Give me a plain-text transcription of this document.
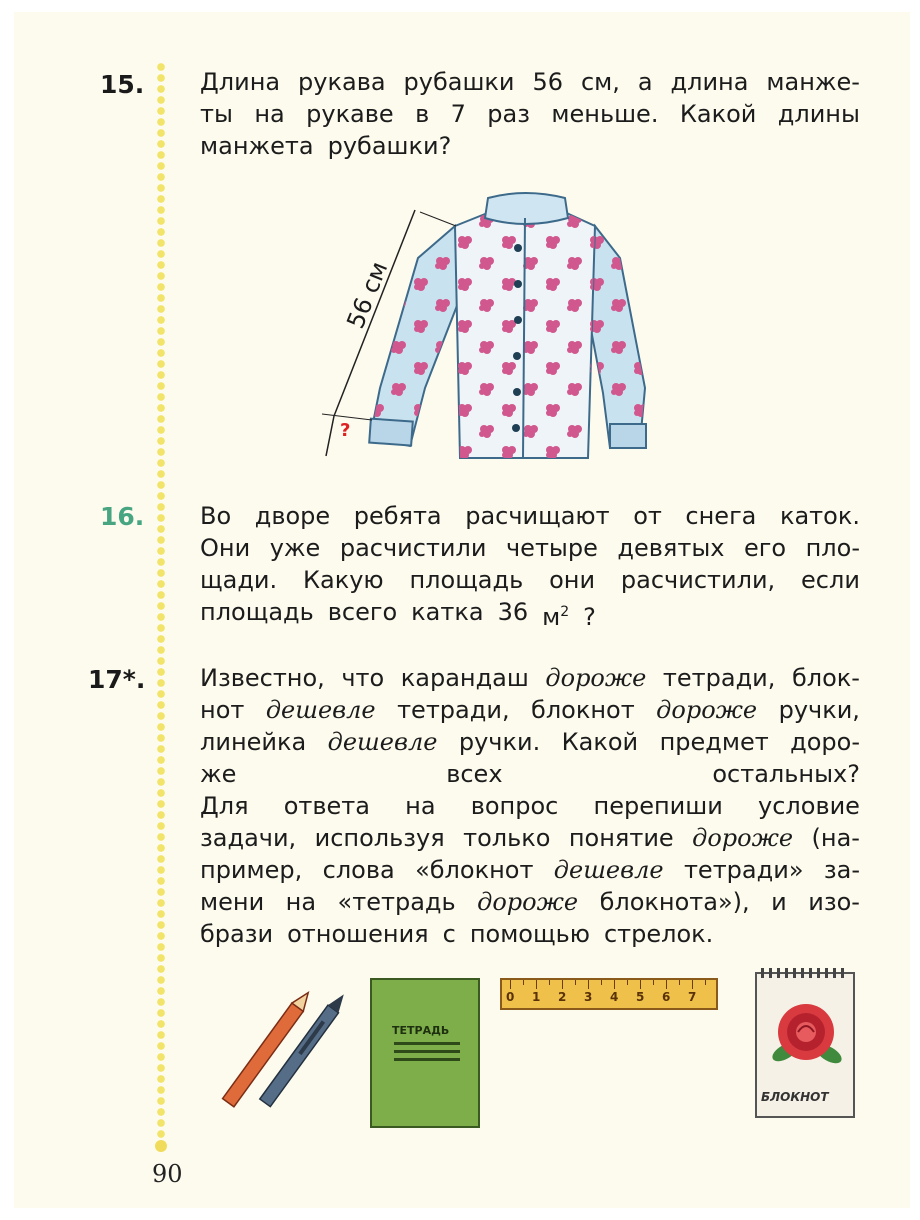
15. Длина рукава рубашки 56 см, а длина манже-
ты на рукаве в 7 раз меньше. Какой длины
манжета рубашки?
56 см
?
16. Во дворе ребята расчищают от снега каток.
Они уже расчистили четыре девятых его пло-
щади. Какую площадь они расчистили, если
площадь всего катка 36 $м^2$ ?
17*. Известно, что карандаш дороже тетради, блок-
нот дешевле тетради, блокнот дороже ручки,
линейка дешевле ручки. Какой предмет доро-
же	всех	остальных?
Для ответа на вопрос перепиши условие
задачи, используя только понятие дороже (на-
пример, слова «блокнот дешевле тетради» за-
мени на «тетрадь дороже блокнота»), и изо-
брази отношения с помощью стрелок.
ТЕТРАДЬ
0 1 2 3 4 5 6 7
БЛОКНОТ
90
